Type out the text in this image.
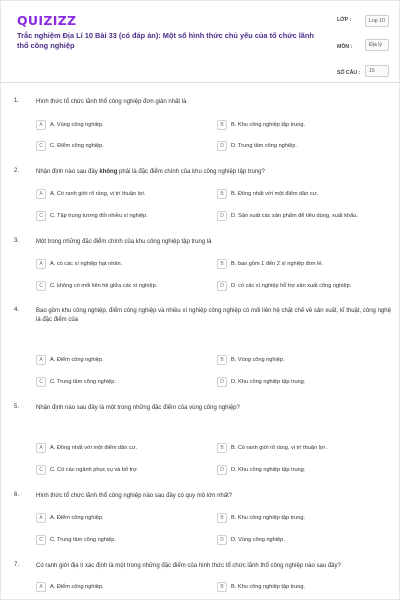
QUIZIZZ
Trắc nghiệm Địa Lí 10 Bài 33 (có đáp án): Một số hình thức chủ yếu của tổ chức lãnh thổ công nghiệp
LỚP :
MÔN :
SỐ CÂU :
Lop 10
Địa lý
15
1.	Hình thức tổ chức lãnh thổ công nghiệp đơn giản nhất là
A	A. Vùng công nghiệp.	B	B. Khu công nghiệp tập trung.
C	C. Điểm công nghiệp.	D	D. Trung tâm công nghiệp.
2.	Nhận định nào sau đây không phải là đặc điểm chính của khu công nghiệp tập trung?
A	A. Có ranh giới rõ ràng, vị trí thuận lợi.	B	B. Đồng nhất với một điểm dân cư.
C	C. Tập trung tương đối nhiều xí nghiệp.	D	D. Sản xuất các sản phẩm để tiêu dùng, xuất khẩu.
3.	Một trong những đặc điểm chính của khu công nghiệp tập trung là
A	A. có các xí nghiệp hạt nhân.	B	B. bao gồm 1 đến 2 xí nghiệp đơn lẻ.
C	C. không có mối liên hệ giữa các xí nghiệp.	D	D. có các xí nghiệp hỗ trợ sản xuất công nghiệp.
4.	Bao gồm khu công nghiệp, điểm công nghiệp và nhiều xí nghiệp công nghiệp có mối liên hệ chặt chẽ về sản xuất, kĩ thuật, công nghệ là đặc điểm của
A	A. Điểm công nghiệp.	B	B. Vùng công nghiệp.
C	C. Trung tâm công nghiệp.	D	D. Khu công nghiệp tập trung.
5.	Nhận định nào sau đây là một trong những đặc điểm của vùng công nghiệp?
A	A. Đồng nhất với một điểm dân cư.	B	B. Có ranh giới rõ ràng, vị trí thuận lợi .
C	C. Có các ngành phục vụ và bổ trợ.	D	D. Khu công nghiệp tập trung.
6.	Hình thức tổ chức lãnh thổ công nghiệp nào sau đây có quy mô lớn nhất?
A	A. Điểm công nghiệp.	B	B. Khu công nghiệp tập trung.
C	C. Trung tâm công nghiệp.	D	D. Vùng công nghiệp.
7.	Có ranh giới địa lí xác định là một trong những đặc điểm của hình thức tổ chức lãnh thổ công nghiệp nào sau đây?
A	A. Điểm công nghiệp.	B	B. Khu công nghiệp tập trung.
